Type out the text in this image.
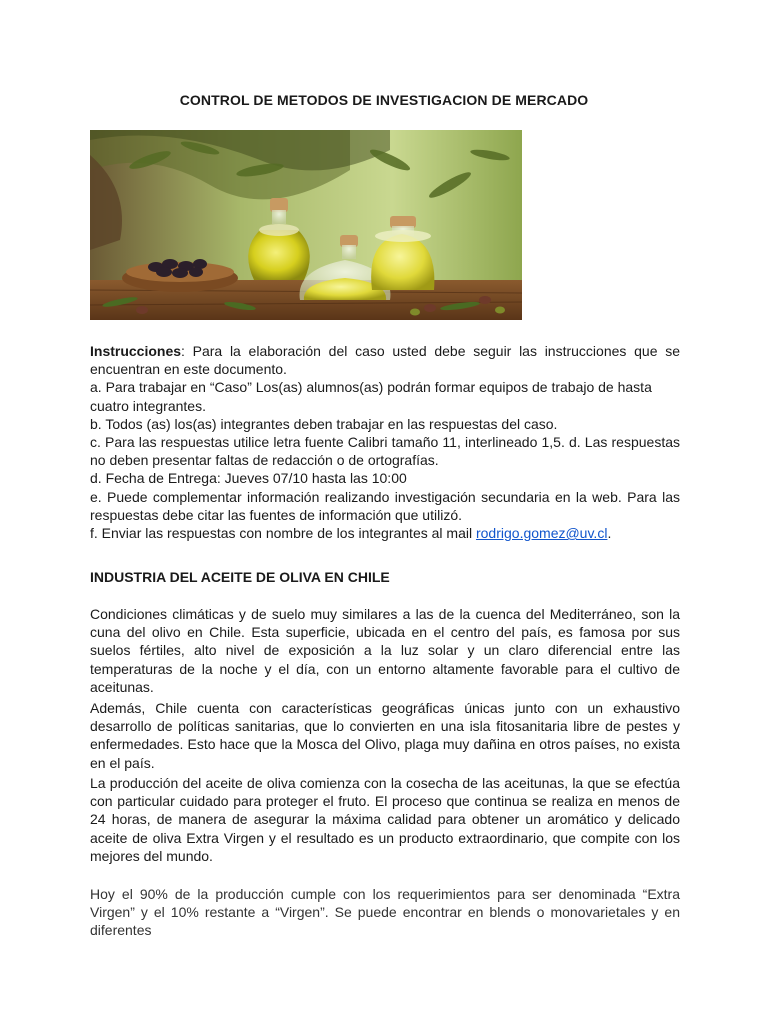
CONTROL DE METODOS DE INVESTIGACION DE MERCADO

Instrucciones: Para la elaboración del caso usted debe seguir las instrucciones que se encuentran en este documento.

a. Para trabajar en “Caso” Los(as) alumnos(as) podrán formar equipos de trabajo de hasta cuatro integrantes.

b. Todos (as) los(as) integrantes deben trabajar en las respuestas del caso.

c. Para las respuestas utilice letra fuente Calibri tamaño 11, interlineado 1,5. d. Las respuestas no deben presentar faltas de redacción o de ortografías.

d. Fecha de Entrega: Jueves 07/10 hasta las 10:00

e. Puede complementar información realizando investigación secundaria en la web. Para las respuestas debe citar las fuentes de información que utilizó.

f. Enviar las respuestas con nombre de los integrantes al mail rodrigo.gomez@uv.cl.

INDUSTRIA DEL ACEITE DE OLIVA EN CHILE

Condiciones climáticas y de suelo muy similares a las de la cuenca del Mediterráneo, son la cuna del olivo en Chile. Esta superficie, ubicada en el centro del país, es famosa por sus suelos fértiles, alto nivel de exposición a la luz solar y un claro diferencial entre las temperaturas de la noche y el día, con un entorno altamente favorable para el cultivo de aceitunas.

Además, Chile cuenta con características geográficas únicas junto con un exhaustivo desarrollo de políticas sanitarias, que lo convierten en una isla fitosanitaria libre de pestes y enfermedades. Esto hace que la Mosca del Olivo, plaga muy dañina en otros países, no exista en el país.

La producción del aceite de oliva comienza con la cosecha de las aceitunas, la que se efectúa con particular cuidado para proteger el fruto. El proceso que continua se realiza en menos de 24 horas, de manera de asegurar la máxima calidad para obtener un aromático y delicado aceite de oliva Extra Virgen y el resultado es un producto extraordinario, que compite con los mejores del mundo.

Hoy el 90% de la producción cumple con los requerimientos para ser denominada “Extra Virgen” y el 10% restante a “Virgen”. Se puede encontrar en blends o monovarietales y en diferentes
